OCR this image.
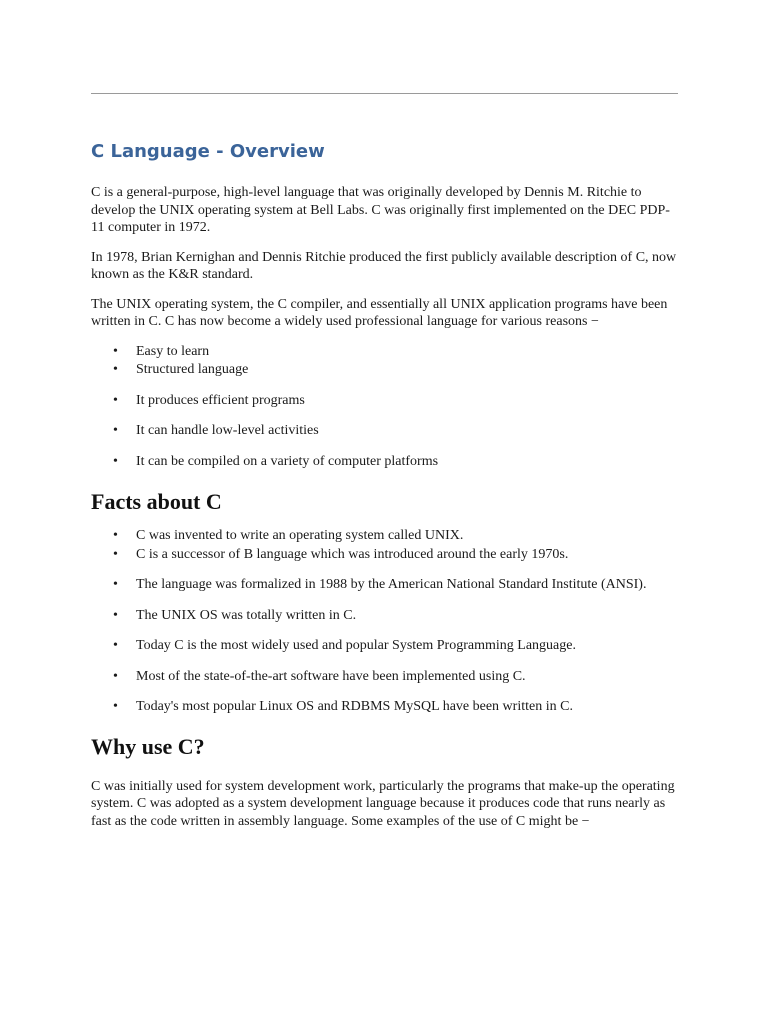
C Language - Overview

C is a general-purpose, high-level language that was originally developed by Dennis M. Ritchie to develop the UNIX operating system at Bell Labs. C was originally first implemented on the DEC PDP-11 computer in 1972.

In 1978, Brian Kernighan and Dennis Ritchie produced the first publicly available description of C, now known as the K&R standard.

The UNIX operating system, the C compiler, and essentially all UNIX application programs have been written in C. C has now become a widely used professional language for various reasons −

• Easy to learn
• Structured language
• It produces efficient programs
• It can handle low-level activities
• It can be compiled on a variety of computer platforms
Facts about C
• C was invented to write an operating system called UNIX.
• C is a successor of B language which was introduced around the early 1970s.
• The language was formalized in 1988 by the American National Standard Institute (ANSI).
• The UNIX OS was totally written in C.
• Today C is the most widely used and popular System Programming Language.
• Most of the state-of-the-art software have been implemented using C.
• Today's most popular Linux OS and RDBMS MySQL have been written in C.
Why use C?

C was initially used for system development work, particularly the programs that make-up the operating system. C was adopted as a system development language because it produces code that runs nearly as fast as the code written in assembly language. Some examples of the use of C might be −
